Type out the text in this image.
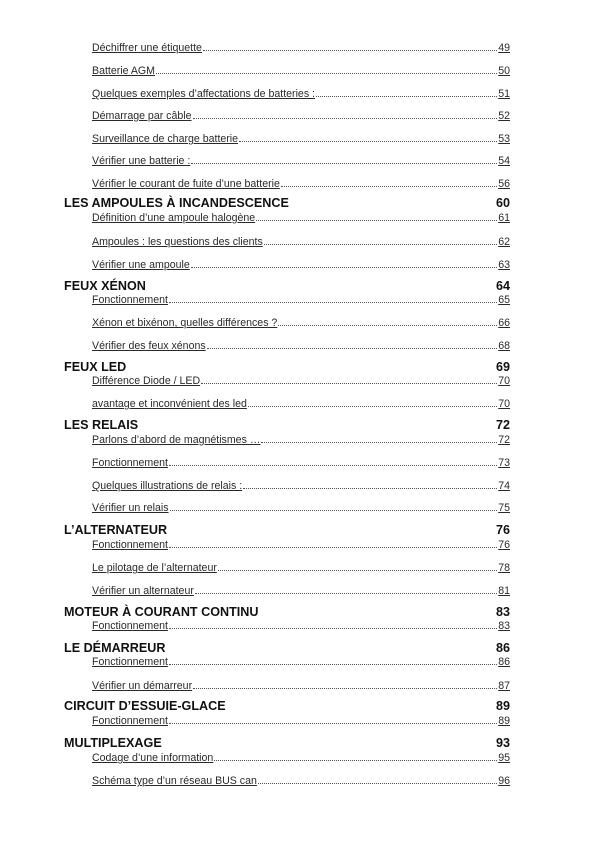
Déchiffrer une étiquette	49
Batterie AGM	50
Quelques exemples d’affectations de batteries :	51
Démarrage par câble	52
Surveillance de charge batterie	53
Vérifier une batterie :	54
Vérifier le courant de fuite d’une batterie	56
LES AMPOULES À INCANDESCENCE	60
Définition d’une ampoule halogène	61
Ampoules : les questions des clients	62
Vérifier une ampoule	63
FEUX XÉNON	64
Fonctionnement	65
Xénon et bixénon, quelles différences ?	66
Vérifier des feux xénons	68
FEUX LED	69
Différence Diode / LED	70
avantage et inconvénient des led	70
LES RELAIS	72
Parlons d’abord de magnétismes …	72
Fonctionnement	73
Quelques illustrations de relais :	74
Vérifier un relais	75
L’ALTERNATEUR	76
Fonctionnement	76
Le pilotage de l’alternateur	78
Vérifier un alternateur	81
MOTEUR À COURANT CONTINU	83
Fonctionnement	83
LE DÉMARREUR	86
Fonctionnement	86
Vérifier un démarreur	87
CIRCUIT D’ESSUIE-GLACE	89
Fonctionnement	89
MULTIPLEXAGE	93
Codage d’une information	95
Schéma type d’un réseau BUS can	96
